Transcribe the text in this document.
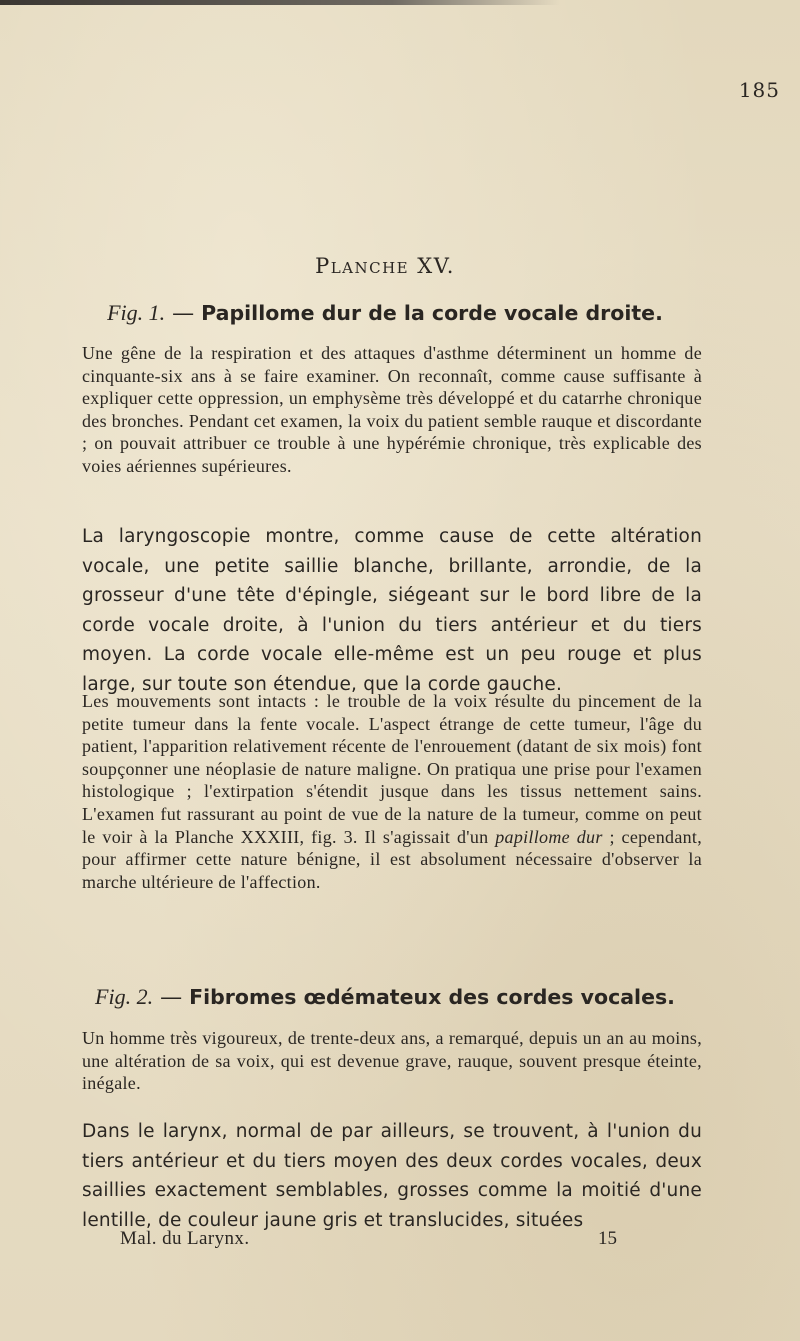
185
Planche XV.
Fig. 1. — Papillome dur de la corde vocale droite.

Une gêne de la respiration et des attaques d'asthme déterminent un homme de cinquante-six ans à se faire examiner. On reconnaît, comme cause suffisante à expliquer cette oppression, un emphysème très développé et du catarrhe chronique des bronches. Pendant cet examen, la voix du patient semble rauque et discordante ; on pouvait attribuer ce trouble à une hypérémie chronique, très explicable des voies aériennes supérieures.

La laryngoscopie montre, comme cause de cette altération vocale, une petite saillie blanche, brillante, arrondie, de la grosseur d'une tête d'épingle, siégeant sur le bord libre de la corde vocale droite, à l'union du tiers antérieur et du tiers moyen. La corde vocale elle-même est un peu rouge et plus large, sur toute son étendue, que la corde gauche.

Les mouvements sont intacts : le trouble de la voix résulte du pincement de la petite tumeur dans la fente vocale. L'aspect étrange de cette tumeur, l'âge du patient, l'apparition relativement récente de l'enrouement (datant de six mois) font soupçonner une néoplasie de nature maligne. On pratiqua une prise pour l'examen histologique ; l'extirpation s'étendit jusque dans les tissus nettement sains. L'examen fut rassurant au point de vue de la nature de la tumeur, comme on peut le voir à la Planche XXXIII, fig. 3. Il s'agissait d'un papillome dur ; cependant, pour affirmer cette nature bénigne, il est absolument nécessaire d'observer la marche ultérieure de l'affection.

Fig. 2. — Fibromes œdémateux des cordes vocales.

Un homme très vigoureux, de trente-deux ans, a remarqué, depuis un an au moins, une altération de sa voix, qui est devenue grave, rauque, souvent presque éteinte, inégale.

Dans le larynx, normal de par ailleurs, se trouvent, à l'union du tiers antérieur et du tiers moyen des deux cordes vocales, deux saillies exactement semblables, grosses comme la moitié d'une lentille, de couleur jaune gris et translucides, situées

Mal. du Larynx.	15
